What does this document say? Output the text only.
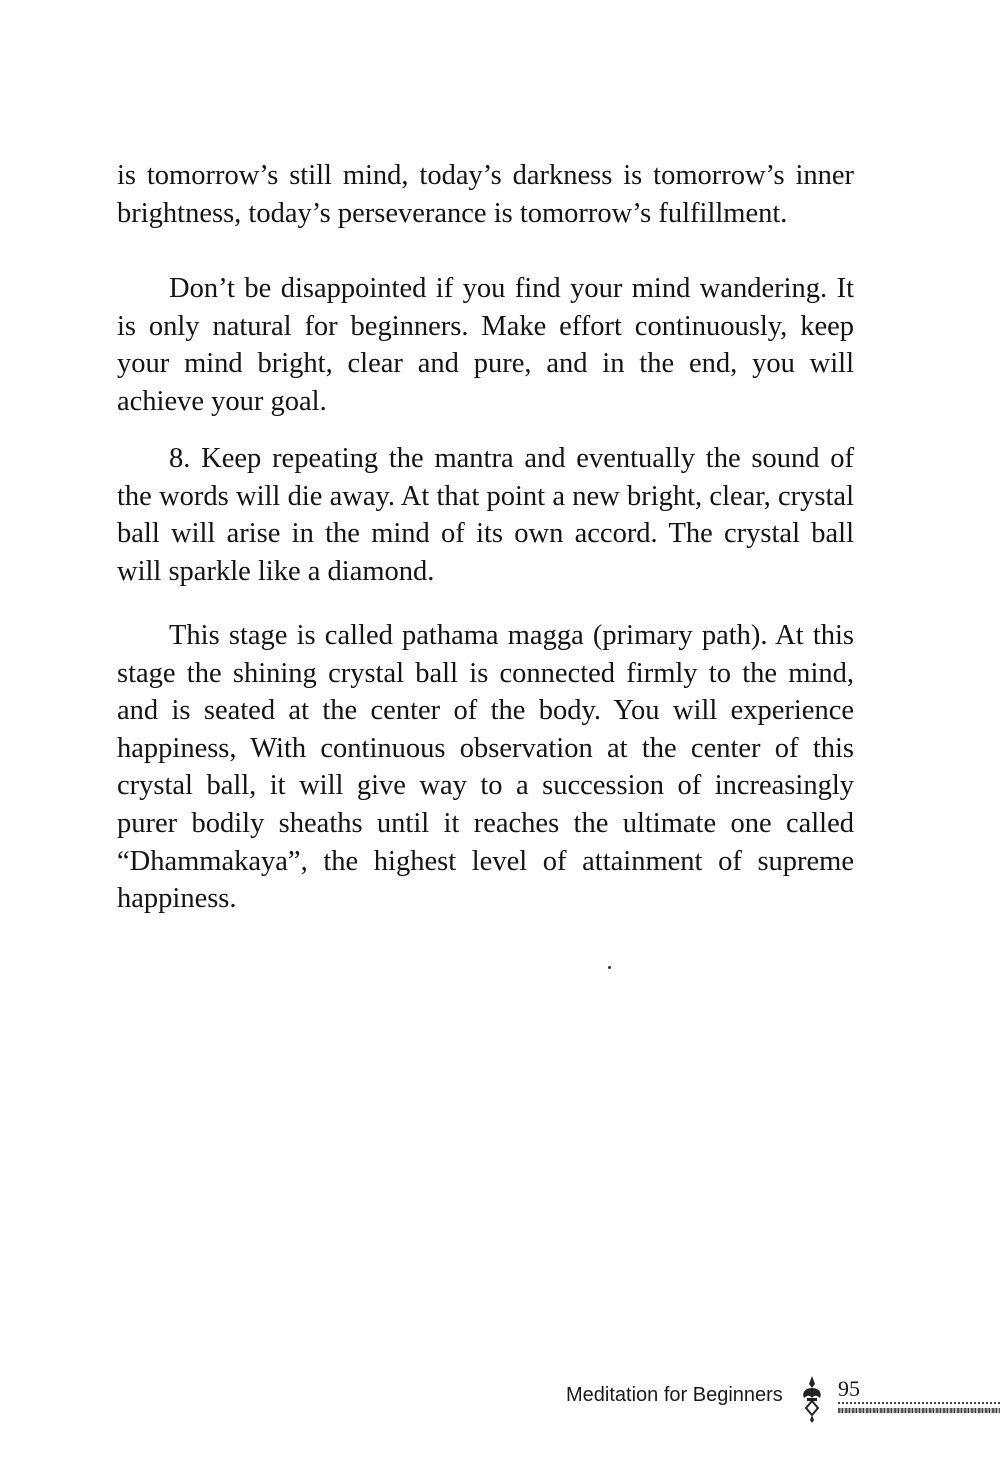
is tomorrow’s still mind, today’s darkness is tomorrow’s inner brightness, today’s perseverance is tomorrow’s fulfillment.

Don’t be disappointed if you find your mind wandering. It is only natural for beginners. Make effort continuously, keep your mind bright, clear and pure, and in the end, you will achieve your goal.

8. Keep repeating the mantra and eventually the sound of the words will die away. At that point a new bright, clear, crystal ball will arise in the mind of its own accord. The crystal ball will sparkle like a diamond.

This stage is called pathama magga (primary path). At this stage the shining crystal ball is connected firmly to the mind, and is seated at the center of the body. You will experience happiness, With continuous observation at the center of this crystal ball, it will give way to a succession of increasingly purer bodily sheaths until it reaches the ultimate one called “Dhammakaya”, the highest level of attainment of supreme happiness.

Meditation for Beginners	95
